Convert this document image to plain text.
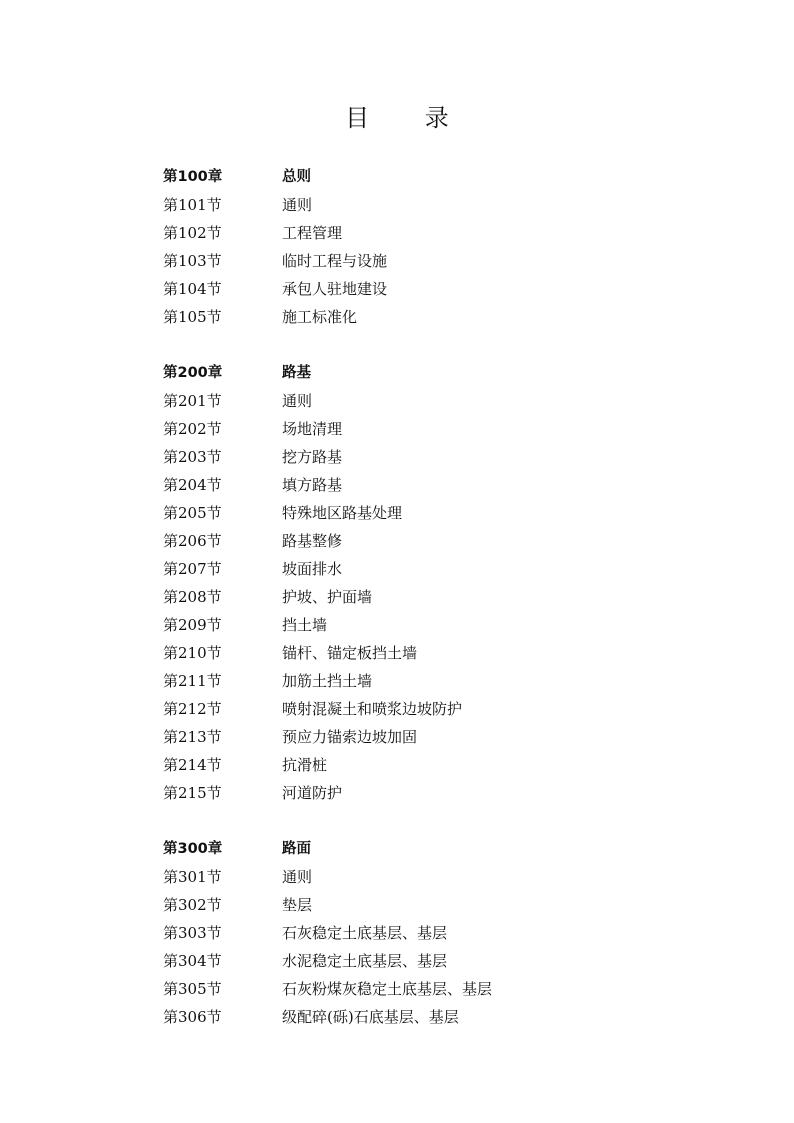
目 录
第100章	总则
第101节	通则
第102节	工程管理
第103节	临时工程与设施
第104节	承包人驻地建设
第105节	施工标准化
第200章	路基
第201节	通则
第202节	场地清理
第203节	挖方路基
第204节	填方路基
第205节	特殊地区路基处理
第206节	路基整修
第207节	坡面排水
第208节	护坡、护面墙
第209节	挡土墙
第210节	锚杆、锚定板挡土墙
第211节	加筋土挡土墙
第212节	喷射混凝土和喷浆边坡防护
第213节	预应力锚索边坡加固
第214节	抗滑桩
第215节	河道防护
第300章	路面
第301节	通则
第302节	垫层
第303节	石灰稳定土底基层、基层
第304节	水泥稳定土底基层、基层
第305节	石灰粉煤灰稳定土底基层、基层
第306节	级配碎(砾)石底基层、基层
